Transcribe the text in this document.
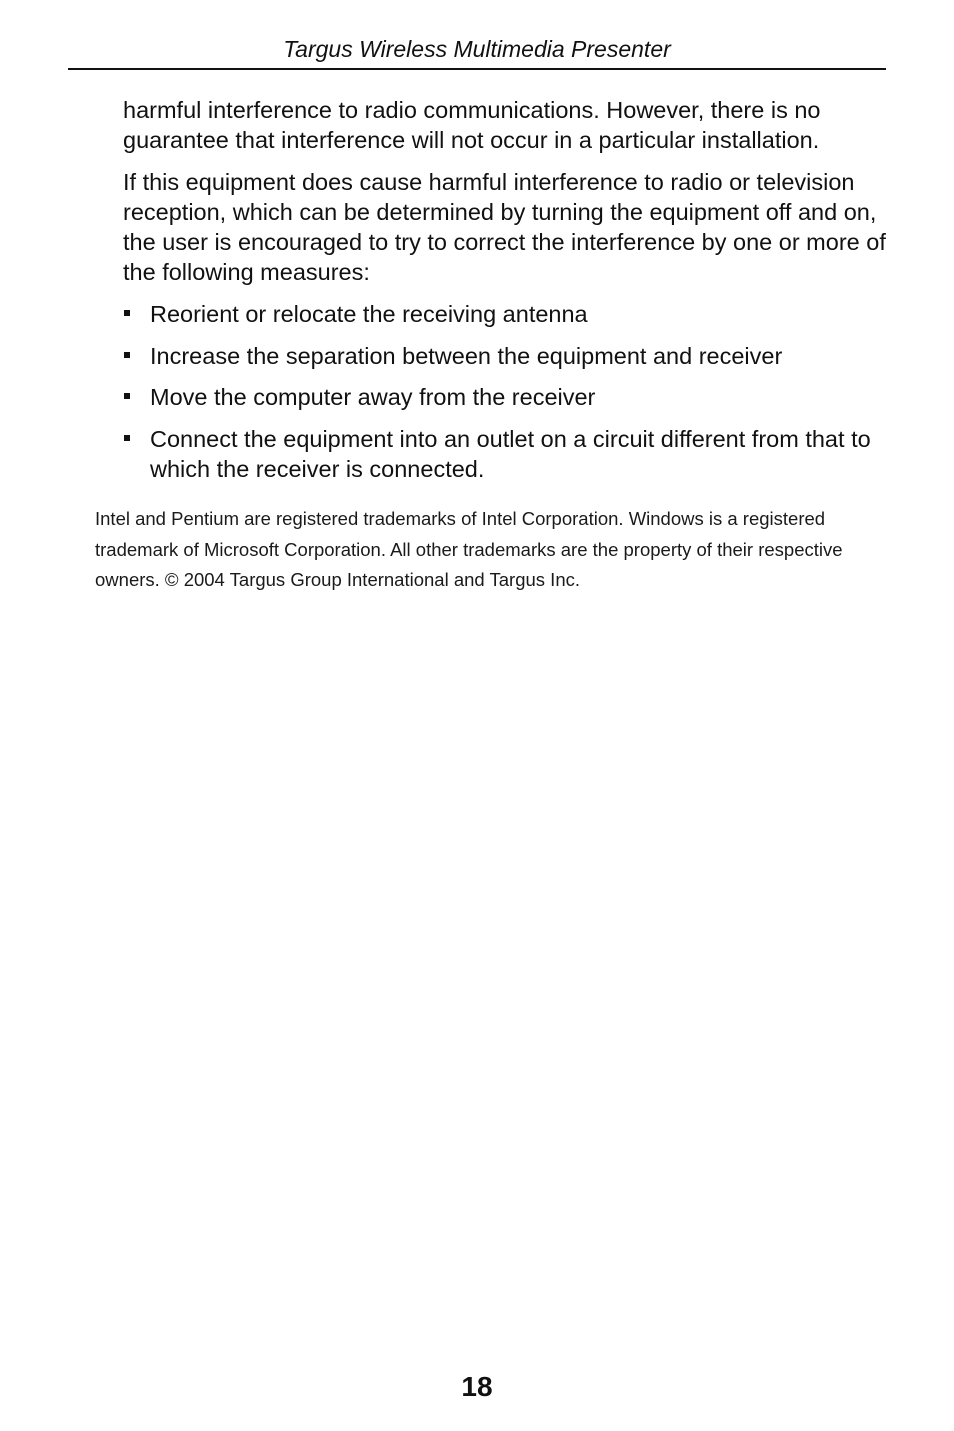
Targus Wireless Multimedia Presenter

harmful interference to radio communications. However, there is no guarantee that interference will not occur in a particular installation.

If this equipment does cause harmful interference to radio or television reception, which can be determined by turning the equipment off and on, the user is encouraged to try to correct the interference by one or more of the following measures:

Reorient or relocate the receiving antenna
Increase the separation between the equipment and receiver
Move the computer away from the receiver
Connect the equipment into an outlet on a circuit different from that to which the receiver is connected.

Intel and Pentium are registered trademarks of Intel Corporation. Windows is a registered trademark of Microsoft Corporation. All other trademarks are the property of their respective owners. © 2004 Targus Group International and Targus Inc.

18
